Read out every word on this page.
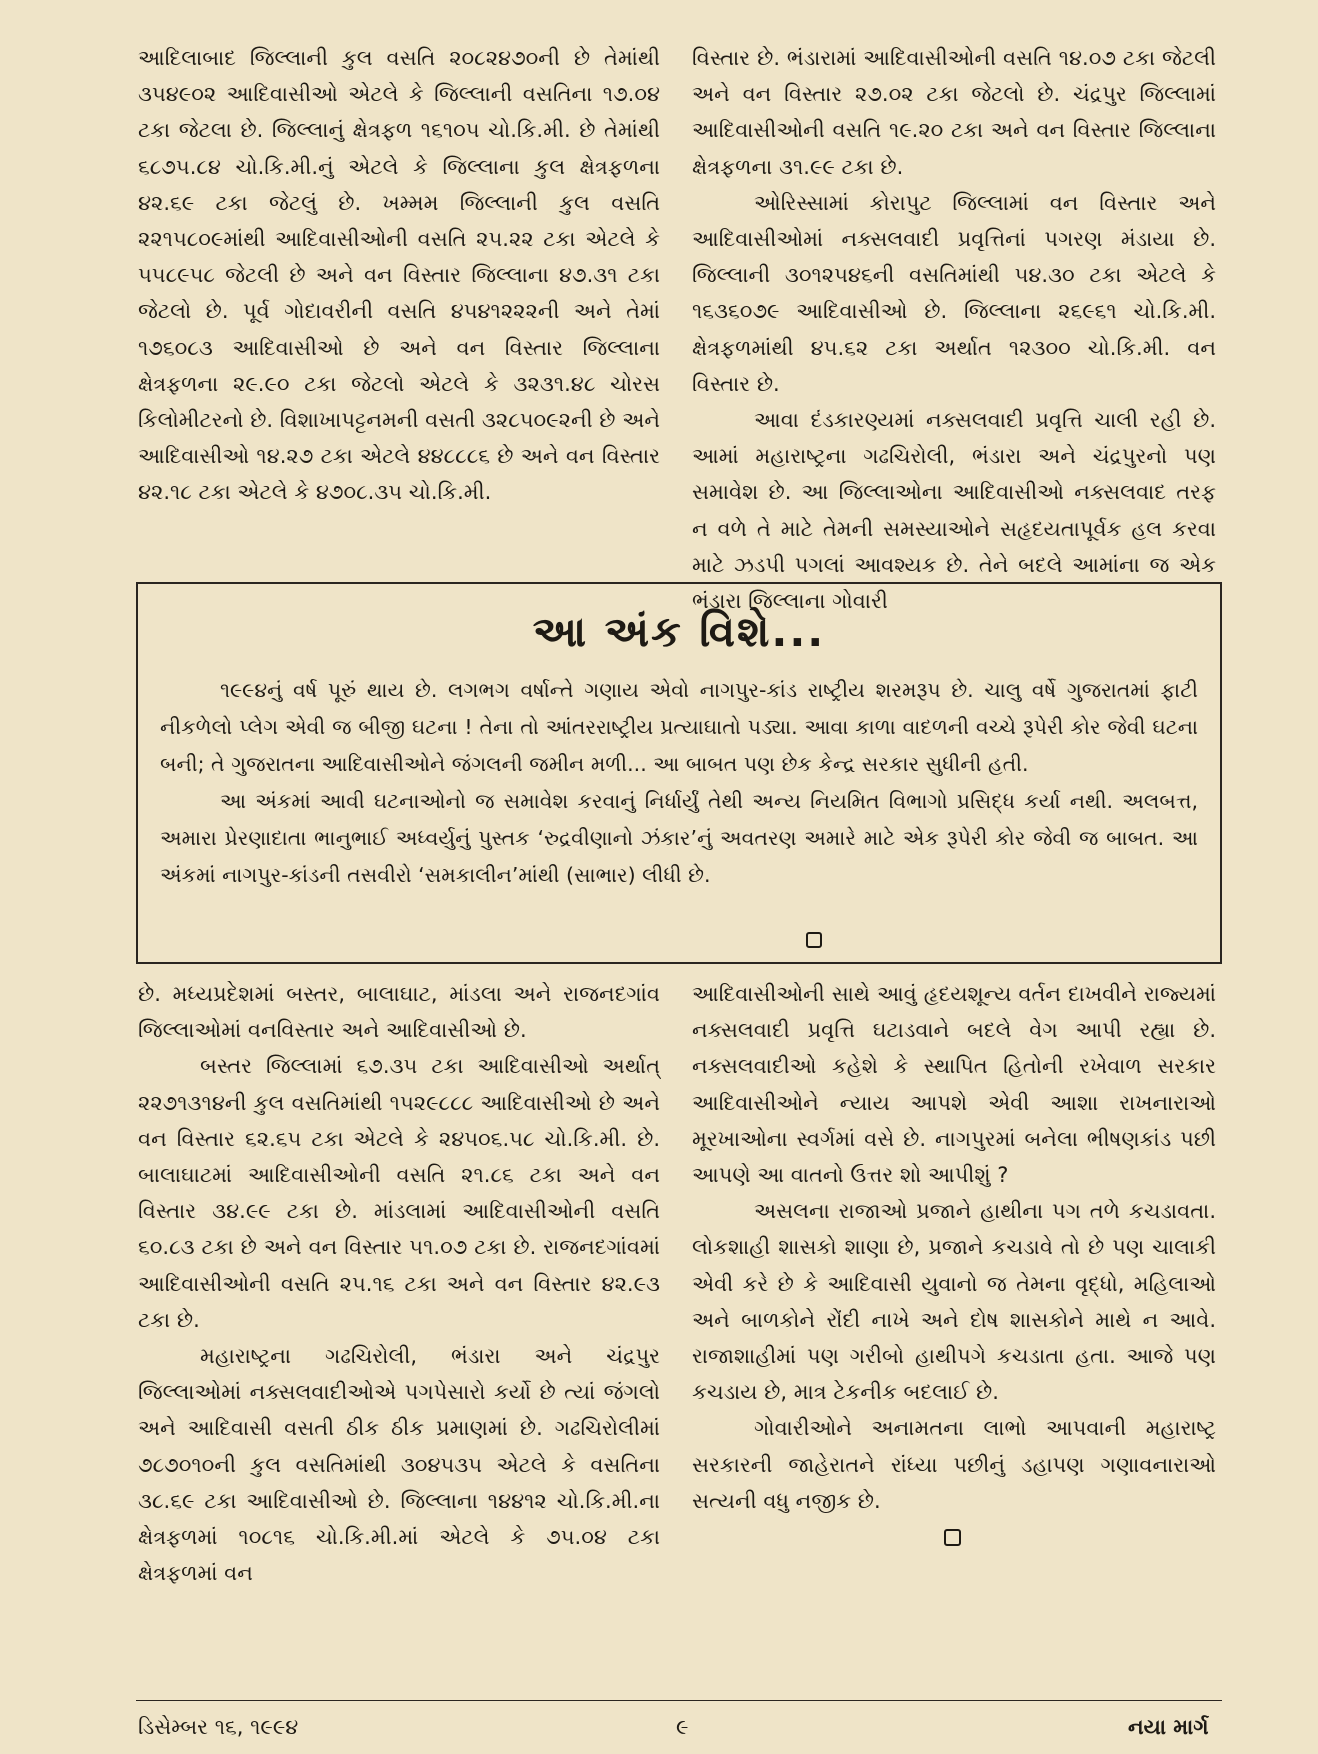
આદિલાબાદ જિલ્લાની કુલ વસતિ ૨૦૮૨૪૭૦ની છે તેમાંથી ૩૫૪૯૦૨ આદિવાસીઓ એટલે કે જિલ્લાની વસતિના ૧૭.૦૪ ટકા જેટલા છે. જિલ્લાનું ક્ષેત્રફળ ૧૬૧૦૫ ચો.કિ.મી. છે તેમાંથી ૬૮૭૫.૮૪ ચો.કિ.મી.નું એટલે કે જિલ્લાના કુલ ક્ષેત્રફળના ૪૨.૬૯ ટકા જેટલું છે. ખમ્મમ જિલ્લાની કુલ વસતિ ૨૨૧૫૮૦૯માંથી આદિવાસીઓની વસતિ ૨૫.૨૨ ટકા એટલે કે ૫૫૮૯૫૮ જેટલી છે અને વન વિસ્તાર જિલ્લાના ૪૭.૩૧ ટકા જેટલો છે. પૂર્વ ગોદાવરીની વસતિ ૪૫૪૧૨૨૨ની અને તેમાં ૧૭૬૦૮૩ આદિવાસીઓ છે અને વન વિસ્તાર જિલ્લાના ક્ષેત્રફળના ૨૯.૯૦ ટકા જેટલો એટલે કે ૩૨૩૧.૪૮ ચોરસ કિલોમીટરનો છે. વિશાખાપટ્ટનમની વસતી ૩૨૮૫૦૯૨ની છે અને આદિવાસીઓ ૧૪.૨૭ ટકા એટલે ૪૪૮૮૮૬ છે અને વન વિસ્તાર ૪૨.૧૮ ટકા એટલે કે ૪૭૦૮.૩૫ ચો.કિ.મી.

વિસ્તાર છે. ભંડારામાં આદિવાસીઓની વસતિ ૧૪.૦૭ ટકા જેટલી અને વન વિસ્તાર ૨૭.૦૨ ટકા જેટલો છે. ચંદ્રપુર જિલ્લામાં આદિવાસીઓની વસતિ ૧૯.૨૦ ટકા અને વન વિસ્તાર જિલ્લાના ક્ષેત્રફળના ૩૧.૯૯ ટકા છે.

ઓરિસ્સામાં કોરાપુટ જિલ્લામાં વન વિસ્તાર અને આદિવાસીઓમાં નક્સલવાદી પ્રવૃત્તિનાં પગરણ મંડાયા છે. જિલ્લાની ૩૦૧૨૫૪૬ની વસતિમાંથી ૫૪.૩૦ ટકા એટલે કે ૧૬૩૬૦૭૯ આદિવાસીઓ છે. જિલ્લાના ૨૬૯૬૧ ચો.કિ.મી. ક્ષેત્રફળમાંથી ૪૫.૬૨ ટકા અર્થાત ૧૨૩૦૦ ચો.કિ.મી. વન વિસ્તાર છે.

આવા દંડકારણ્યમાં નક્સલવાદી પ્રવૃત્તિ ચાલી રહી છે. આમાં મહારાષ્ટ્રના ગઢચિરોલી, ભંડારા અને ચંદ્રપુરનો પણ સમાવેશ છે. આ જિલ્લાઓના આદિવાસીઓ નક્સલવાદ તરફ ન વળે તે માટે તેમની સમસ્યાઓને સહૃદયતાપૂર્વક હલ કરવા માટે ઝડપી પગલાં આવશ્યક છે. તેને બદલે આમાંના જ એક ભંડારા જિલ્લાના ગોવારી

આ અંક વિશે...

૧૯૯૪નું વર્ષ પૂરું થાય છે. લગભગ વર્ષાન્તે ગણાય એવો નાગપુર-કાંડ રાષ્ટ્રીય શરમરૂપ છે. ચાલુ વર્ષે ગુજરાતમાં ફાટી નીકળેલો પ્લેગ એવી જ બીજી ઘટના ! તેના તો આંતરરાષ્ટ્રીય પ્રત્યાઘાતો પડ્યા. આવા કાળા વાદળની વચ્ચે રૂપેરી કોર જેવી ઘટના બની; તે ગુજરાતના આદિવાસીઓને જંગલની જમીન મળી... આ બાબત પણ છેક કેન્દ્ર સરકાર સુધીની હતી.

આ અંકમાં આવી ઘટનાઓનો જ સમાવેશ કરવાનું નિર્ધાર્યું તેથી અન્ય નિયમિત વિભાગો પ્રસિદ્ધ કર્યા નથી. અલબત્ત, અમારા પ્રેરણાદાતા ભાનુભાઈ અધ્વર્યુનું પુસ્તક ‘રુદ્રવીણાનો ઝંકાર’નું અવતરણ અમારે માટે એક રૂપેરી કોર જેવી જ બાબત. આ અંકમાં નાગપુર-કાંડની તસવીરો ‘સમકાલીન’માંથી (સાભાર) લીધી છે.

છે. મધ્યપ્રદેશમાં બસ્તર, બાલાઘાટ, માંડલા અને રાજનદગાંવ જિલ્લાઓમાં વનવિસ્તાર અને આદિવાસીઓ છે.

બસ્તર જિલ્લામાં ૬૭.૩૫ ટકા આદિવાસીઓ અર્થાત્ ૨૨૭૧૩૧૪ની કુલ વસતિમાંથી ૧૫૨૯૮૮૮ આદિવાસીઓ છે અને વન વિસ્તાર ૬૨.૬૫ ટકા એટલે કે ૨૪૫૦૬.૫૮ ચો.કિ.મી. છે. બાલાઘાટમાં આદિવાસીઓની વસતિ ૨૧.૮૬ ટકા અને વન વિસ્તાર ૩૪.૯૯ ટકા છે. માંડલામાં આદિવાસીઓની વસતિ ૬૦.૮૩ ટકા છે અને વન વિસ્તાર ૫૧.૦૭ ટકા છે. રાજનદગાંવમાં આદિવાસીઓની વસતિ ૨૫.૧૬ ટકા અને વન વિસ્તાર ૪૨.૯૩ ટકા છે.

મહારાષ્ટ્રના ગઢચિરોલી, ભંડારા અને ચંદ્રપુર જિલ્લાઓમાં નક્સલવાદીઓએ પગપેસારો કર્યો છે ત્યાં જંગલો અને આદિવાસી વસતી ઠીક ઠીક પ્રમાણમાં છે. ગઢચિરોલીમાં ૭૮૭૦૧૦ની કુલ વસતિમાંથી ૩૦૪૫૩૫ એટલે કે વસતિના ૩૮.૬૯ ટકા આદિવાસીઓ છે. જિલ્લાના ૧૪૪૧૨ ચો.કિ.મી.ના ક્ષેત્રફળમાં ૧૦૮૧૬ ચો.કિ.મી.માં એટલે કે ૭૫.૦૪ ટકા ક્ષેત્રફળમાં વન

આદિવાસીઓની સાથે આવું હૃદયશૂન્ય વર્તન દાખવીને રાજ્યમાં નક્સલવાદી પ્રવૃત્તિ ઘટાડવાને બદલે વેગ આપી રહ્યા છે. નક્સલવાદીઓ કહેશે કે સ્થાપિત હિતોની રખેવાળ સરકાર આદિવાસીઓને ન્યાય આપશે એવી આશા રાખનારાઓ મૂરખાઓના સ્વર્ગમાં વસે છે. નાગપુરમાં બનેલા ભીષણકાંડ પછી આપણે આ વાતનો ઉત્તર શો આપીશું ?

અસલના રાજાઓ પ્રજાને હાથીના પગ તળે કચડાવતા. લોકશાહી શાસકો શાણા છે, પ્રજાને કચડાવે તો છે પણ ચાલાકી એવી કરે છે કે આદિવાસી યુવાનો જ તેમના વૃદ્ધો, મહિલાઓ અને બાળકોને રોંદી નાખે અને દોષ શાસકોને માથે ન આવે. રાજાશાહીમાં પણ ગરીબો હાથીપગે કચડાતા હતા. આજે પણ કચડાય છે, માત્ર ટેકનીક બદલાઈ છે.

ગોવારીઓને અનામતના લાભો આપવાની મહારાષ્ટ્ર સરકારની જાહેરાતને રાંધ્યા પછીનું ડહાપણ ગણાવનારાઓ સત્યની વધુ નજીક છે.

ડિસેમ્બર ૧૬, ૧૯૯૪	૯	નયા માર્ગ
